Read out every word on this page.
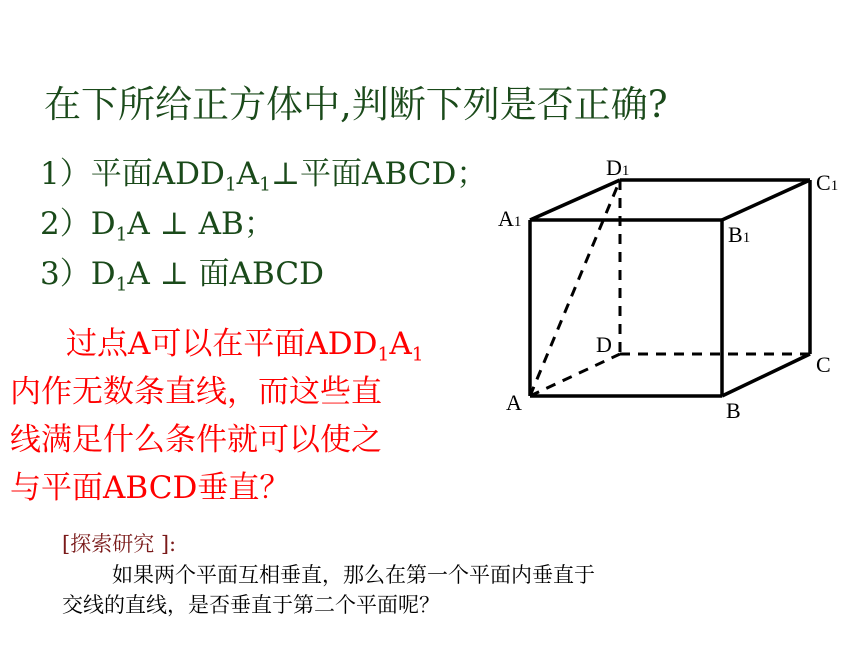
在下所给正方体中,判断下列是否正确?
1）平面$ADD_1A_1\perp$平面ABCD；
$2)D_1A$ ⊥ AB；
$3)D_1A$ ⊥ 面ABCD
过点A可以在平面$ADD_1A_1$
内作无数条直线，而这些直
线满足什么条件就可以使之
与平面ABCD垂直？
D1	C1
A1	B1
D
C
A	B
[探索研究 ]:
如果两个平面互相垂直，那么在第一个平面内垂直于
交线的直线，是否垂直于第二个平面呢？
